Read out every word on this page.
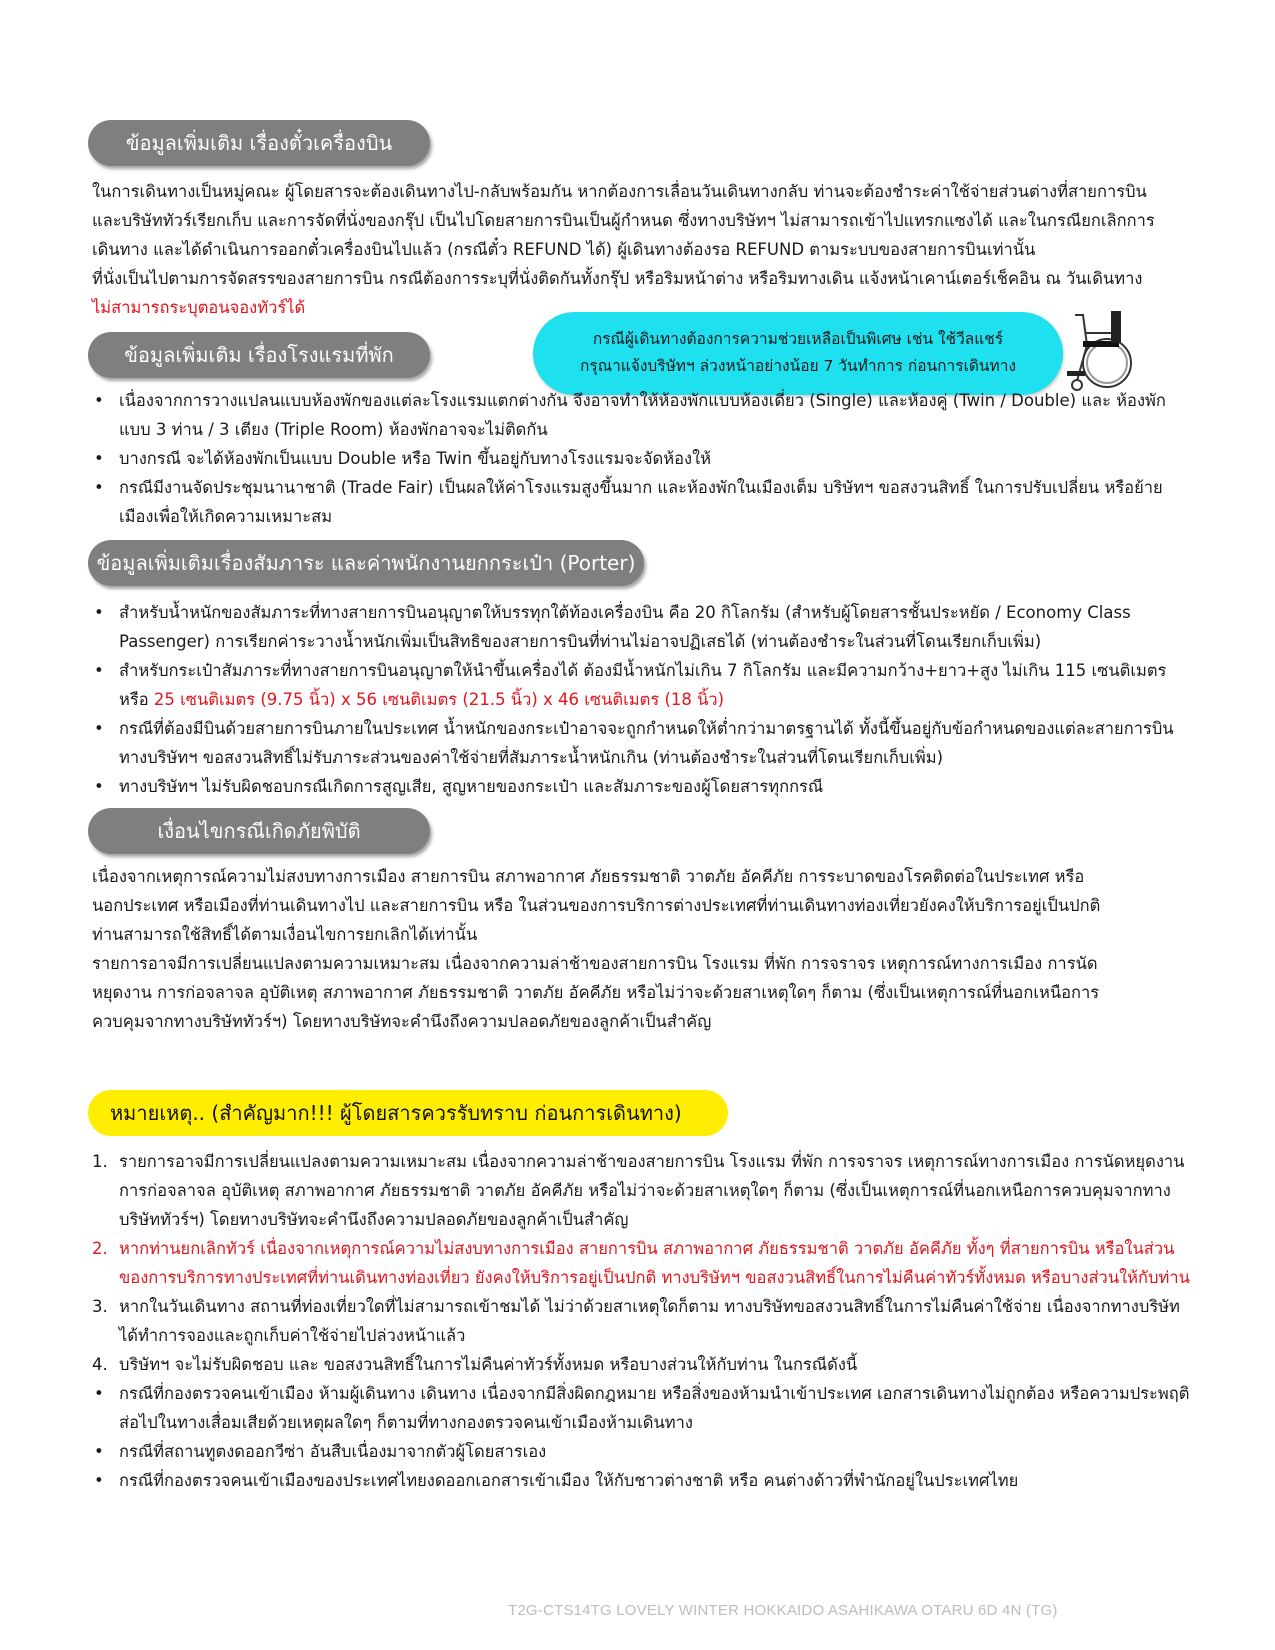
ข้อมูลเพิ่มเติม เรื่องตั๋วเครื่องบิน

ในการเดินทางเป็นหมู่คณะ ผู้โดยสารจะต้องเดินทางไป-กลับพร้อมกัน หากต้องการเลื่อนวันเดินทางกลับ ท่านจะต้องชำระค่าใช้จ่ายส่วนต่างที่สายการบิน

และบริษัททัวร์เรียกเก็บ และการจัดที่นั่งของกรุ๊ป เป็นไปโดยสายการบินเป็นผู้กำหนด ซึ่งทางบริษัทฯ ไม่สามารถเข้าไปแทรกแซงได้ และในกรณียกเลิกการ

เดินทาง และได้ดำเนินการออกตั๋วเครื่องบินไปแล้ว (กรณีตั๋ว REFUND ได้) ผู้เดินทางต้องรอ REFUND ตามระบบของสายการบินเท่านั้น

ที่นั่งเป็นไปตามการจัดสรรของสายการบิน กรณีต้องการระบุที่นั่งติดกันทั้งกรุ๊ป หรือริมหน้าต่าง หรือริมทางเดิน แจ้งหน้าเคาน์เตอร์เช็คอิน ณ วันเดินทาง

ไม่สามารถระบุตอนจองทัวร์ได้

กรณีผู้เดินทางต้องการความช่วยเหลือเป็นพิเศษ เช่น ใช้วีลแชร์
กรุณาแจ้งบริษัทฯ ล่วงหน้าอย่างน้อย 7 วันทำการ ก่อนการเดินทาง
ข้อมูลเพิ่มเติม เรื่องโรงแรมที่พัก
• เนื่องจากการวางแปลนแบบห้องพักของแต่ละโรงแรมแตกต่างกัน จึงอาจทำให้ห้องพักแบบห้องเดี่ยว (Single) และห้องคู่ (Twin / Double) และ ห้องพักแบบ 3 ท่าน / 3 เตียง (Triple Room) ห้องพักอาจจะไม่ติดกัน
• บางกรณี จะได้ห้องพักเป็นแบบ Double หรือ Twin ขึ้นอยู่กับทางโรงแรมจะจัดห้องให้
• กรณีมีงานจัดประชุมนานาชาติ (Trade Fair) เป็นผลให้ค่าโรงแรมสูงขึ้นมาก และห้องพักในเมืองเต็ม บริษัทฯ ขอสงวนสิทธิ์ ในการปรับเปลี่ยน หรือย้ายเมืองเพื่อให้เกิดความเหมาะสม
ข้อมูลเพิ่มเติมเรื่องสัมภาระ และค่าพนักงานยกกระเป๋า (Porter)
• สำหรับน้ำหนักของสัมภาระที่ทางสายการบินอนุญาตให้บรรทุกใต้ท้องเครื่องบิน คือ 20 กิโลกรัม (สำหรับผู้โดยสารชั้นประหยัด / Economy Class Passenger) การเรียกค่าระวางน้ำหนักเพิ่มเป็นสิทธิของสายการบินที่ท่านไม่อาจปฏิเสธได้ (ท่านต้องชำระในส่วนที่โดนเรียกเก็บเพิ่ม)
• สำหรับกระเป๋าสัมภาระที่ทางสายการบินอนุญาตให้นำขึ้นเครื่องได้ ต้องมีน้ำหนักไม่เกิน 7 กิโลกรัม และมีความกว้าง+ยาว+สูง ไม่เกิน 115 เซนติเมตร หรือ 25 เซนติเมตร (9.75 นิ้ว) x 56 เซนติเมตร (21.5 นิ้ว) x 46 เซนติเมตร (18 นิ้ว)
• กรณีที่ต้องมีบินด้วยสายการบินภายในประเทศ น้ำหนักของกระเป๋าอาจจะถูกกำหนดให้ต่ำกว่ามาตรฐานได้ ทั้งนี้ขึ้นอยู่กับข้อกำหนดของแต่ละสายการบิน ทางบริษัทฯ ขอสงวนสิทธิ์ไม่รับภาระส่วนของค่าใช้จ่ายที่สัมภาระน้ำหนักเกิน (ท่านต้องชำระในส่วนที่โดนเรียกเก็บเพิ่ม)
• ทางบริษัทฯ ไม่รับผิดชอบกรณีเกิดการสูญเสีย, สูญหายของกระเป๋า และสัมภาระของผู้โดยสารทุกกรณี
เงื่อนไขกรณีเกิดภัยพิบัติ

เนื่องจากเหตุการณ์ความไม่สงบทางการเมือง สายการบิน สภาพอากาศ ภัยธรรมชาติ วาตภัย อัคคีภัย การระบาดของโรคติดต่อในประเทศ หรือ

นอกประเทศ หรือเมืองที่ท่านเดินทางไป และสายการบิน หรือ ในส่วนของการบริการต่างประเทศที่ท่านเดินทางท่องเที่ยวยังคงให้บริการอยู่เป็นปกติ

ท่านสามารถใช้สิทธิ์ได้ตามเงื่อนไขการยกเลิกได้เท่านั้น

รายการอาจมีการเปลี่ยนแปลงตามความเหมาะสม เนื่องจากความล่าช้าของสายการบิน โรงแรม ที่พัก การจราจร เหตุการณ์ทางการเมือง การนัด

หยุดงาน การก่อจลาจล อุบัติเหตุ สภาพอากาศ ภัยธรรมชาติ วาตภัย อัคคีภัย หรือไม่ว่าจะด้วยสาเหตุใดๆ ก็ตาม (ซึ่งเป็นเหตุการณ์ที่นอกเหนือการ

ควบคุมจากทางบริษัททัวร์ฯ) โดยทางบริษัทจะคำนึงถึงความปลอดภัยของลูกค้าเป็นสำคัญ

หมายเหตุ.. (สำคัญมาก!!! ผู้โดยสารควรรับทราบ ก่อนการเดินทาง)
1. รายการอาจมีการเปลี่ยนแปลงตามความเหมาะสม เนื่องจากความล่าช้าของสายการบิน โรงแรม ที่พัก การจราจร เหตุการณ์ทางการเมือง การนัดหยุดงาน การก่อจลาจล อุบัติเหตุ สภาพอากาศ ภัยธรรมชาติ วาตภัย อัคคีภัย หรือไม่ว่าจะด้วยสาเหตุใดๆ ก็ตาม (ซึ่งเป็นเหตุการณ์ที่นอกเหนือการควบคุมจากทางบริษัททัวร์ฯ) โดยทางบริษัทจะคำนึงถึงความปลอดภัยของลูกค้าเป็นสำคัญ
2. หากท่านยกเลิกทัวร์ เนื่องจากเหตุการณ์ความไม่สงบทางการเมือง สายการบิน สภาพอากาศ ภัยธรรมชาติ วาตภัย อัคคีภัย ทั้งๆ ที่สายการบิน หรือในส่วนของการบริการทางประเทศที่ท่านเดินทางท่องเที่ยว ยังคงให้บริการอยู่เป็นปกติ ทางบริษัทฯ ขอสงวนสิทธิ์ในการไม่คืนค่าทัวร์ทั้งหมด หรือบางส่วนให้กับท่าน
3. หากในวันเดินทาง สถานที่ท่องเที่ยวใดที่ไม่สามารถเข้าชมได้ ไม่ว่าด้วยสาเหตุใดก็ตาม ทางบริษัทขอสงวนสิทธิ์ในการไม่คืนค่าใช้จ่าย เนื่องจากทางบริษัทได้ทำการจองและถูกเก็บค่าใช้จ่ายไปล่วงหน้าแล้ว
4. บริษัทฯ จะไม่รับผิดชอบ และ ขอสงวนสิทธิ์ในการไม่คืนค่าทัวร์ทั้งหมด หรือบางส่วนให้กับท่าน ในกรณีดังนี้
• กรณีที่กองตรวจคนเข้าเมือง ห้ามผู้เดินทาง เดินทาง เนื่องจากมีสิ่งผิดกฎหมาย หรือสิ่งของห้ามนำเข้าประเทศ เอกสารเดินทางไม่ถูกต้อง หรือความประพฤติส่อไปในทางเสื่อมเสียด้วยเหตุผลใดๆ ก็ตามที่ทางกองตรวจคนเข้าเมืองห้ามเดินทาง
• กรณีที่สถานทูตงดออกวีซ่า อันสืบเนื่องมาจากตัวผู้โดยสารเอง
• กรณีที่กองตรวจคนเข้าเมืองของประเทศไทยงดออกเอกสารเข้าเมือง ให้กับชาวต่างชาติ หรือ คนต่างด้าวที่พำนักอยู่ในประเทศไทย
T2G-CTS14TG LOVELY WINTER HOKKAIDO ASAHIKAWA OTARU 6D 4N (TG)
